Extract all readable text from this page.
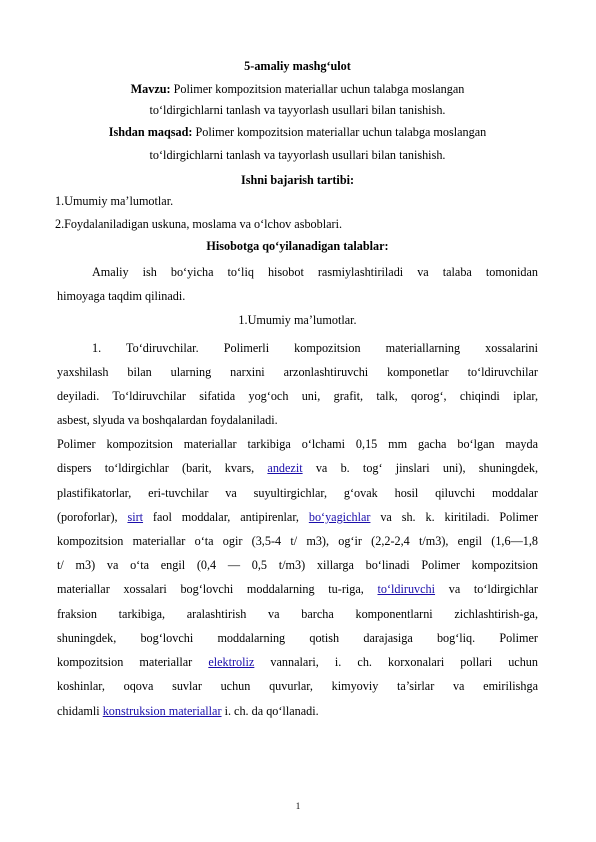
5-amaliy mashg‘ulot
Mavzu: Polimer kompozitsion materiallar uchun talabga moslangan
to‘ldirgichlarni tanlash va tayyorlash usullari bilan tanishish.
Ishdan maqsad: Polimer kompozitsion materiallar uchun talabga moslangan
to‘ldirgichlarni tanlash va tayyorlash usullari bilan tanishish.
Ishni bajarish tartibi:
1.Umumiy ma’lumotlar.
2.Foydalaniladigan uskuna, moslama va o‘lchov asboblari.
Hisobotga qo‘yilanadigan talablar:
Amaliy ish bo‘yicha to‘liq hisobot rasmiylashtiriladi va talaba tomonidan
himoyaga taqdim qilinadi.
1.Umumiy ma’lumotlar.
1. To‘diruvchilar. Polimerli kompozitsion materiallarning xossalarini
yaxshilash bilan ularning narxini arzonlashtiruvchi komponetlar to‘ldiruvchilar
deyiladi. To‘ldiruvchilar sifatida yog‘och uni, grafit, talk, qorog‘, chiqindi iplar,
asbest, slyuda va boshqalardan foydalaniladi.
Polimer kompozitsion materiallar tarkibiga o‘lchami 0,15 mm gacha bo‘lgan mayda
dispers to‘ldirgichlar (barit, kvars, andezit va b. tog‘ jinslari uni), shuningdek,
plastifikatorlar, eri-tuvchilar va suyultirgichlar, g‘ovak hosil qiluvchi moddalar
(poroforlar), sirt faol moddalar, antipirenlar, bo‘yagichlar va sh. k. kiritiladi. Polimer
kompozitsion materiallar o‘ta ogir (3,5-4 t/ m3), og‘ir (2,2-2,4 t/m3), engil (1,6—1,8
t/ m3) va o‘ta engil (0,4 — 0,5 t/m3) xillarga bo‘linadi Polimer kompozitsion
materiallar xossalari bog‘lovchi moddalarning tu-riga, to‘ldiruvchi va to‘ldirgichlar
fraksion tarkibiga, aralashtirish va barcha komponentlarni zichlashtirish-ga,
shuningdek, bog‘lovchi moddalarning qotish darajasiga bog‘liq. Polimer
kompozitsion materiallar elektroliz vannalari, i. ch. korxonalari pollari uchun
koshinlar, oqova suvlar uchun quvurlar, kimyoviy ta’sirlar va emirilishga
chidamli konstruksion materiallar i. ch. da qo‘llanadi.
1
